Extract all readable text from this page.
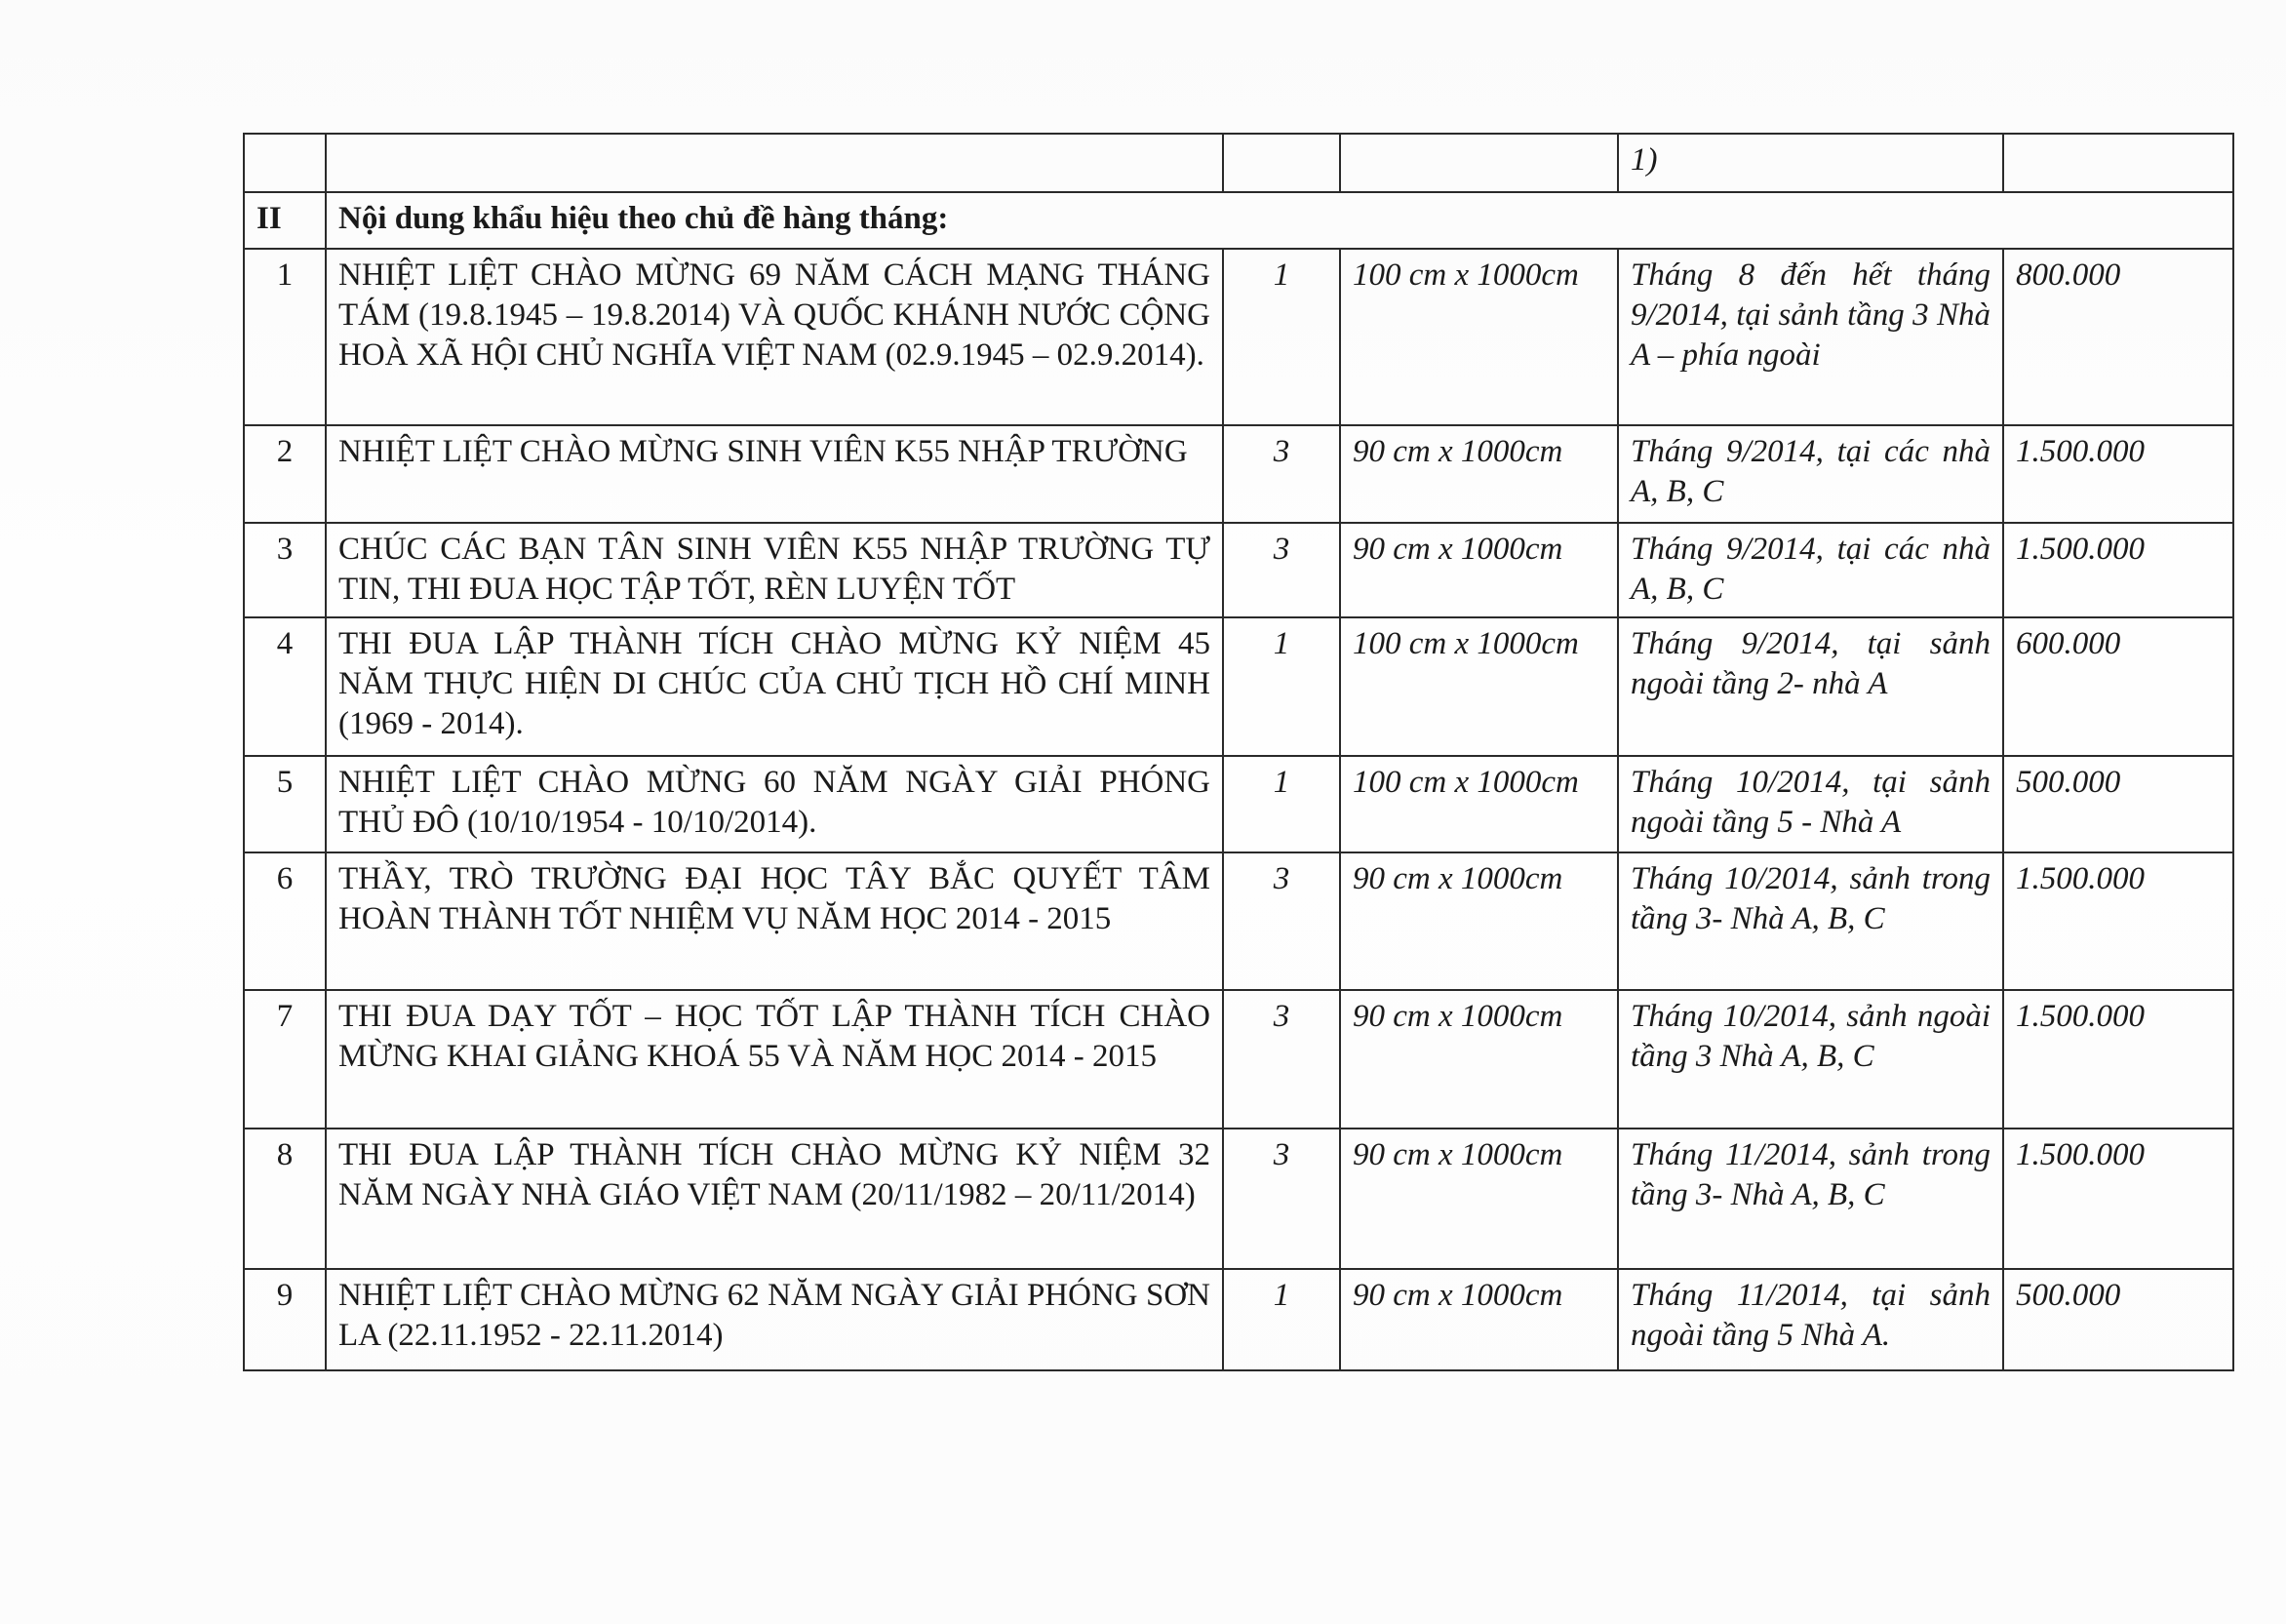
				1)	
II	Nội dung khẩu hiệu theo chủ đề hàng tháng:				
1	NHIỆT LIỆT CHÀO MỪNG 69 NĂM CÁCH MẠNG THÁNG TÁM (19.8.1945 – 19.8.2014) VÀ QUỐC KHÁNH NƯỚC CỘNG HOÀ XÃ HỘI CHỦ NGHĨA VIỆT NAM (02.9.1945 – 02.9.2014).	1	100 cm x 1000cm	Tháng 8 đến hết tháng 9/2014, tại sảnh tầng 3 Nhà A – phía ngoài	800.000
2	NHIỆT LIỆT CHÀO MỪNG SINH VIÊN K55 NHẬP TRƯỜNG	3	90 cm x 1000cm	Tháng 9/2014, tại các nhà A, B, C	1.500.000
3	CHÚC CÁC BẠN TÂN SINH VIÊN K55 NHẬP TRƯỜNG TỰ TIN, THI ĐUA HỌC TẬP TỐT, RÈN LUYỆN TỐT	3	90 cm x 1000cm	Tháng 9/2014, tại các nhà A, B, C	1.500.000
4	THI ĐUA LẬP THÀNH TÍCH CHÀO MỪNG KỶ NIỆM 45 NĂM THỰC HIỆN DI CHÚC CỦA CHỦ TỊCH HỒ CHÍ MINH (1969 - 2014).	1	100 cm x 1000cm	Tháng 9/2014, tại sảnh ngoài tầng 2- nhà A	600.000
5	NHIỆT LIỆT CHÀO MỪNG 60 NĂM NGÀY GIẢI PHÓNG THỦ ĐÔ (10/10/1954 - 10/10/2014).	1	100 cm x 1000cm	Tháng 10/2014, tại sảnh ngoài tầng 5 - Nhà A	500.000
6	THẦY, TRÒ TRƯỜNG ĐẠI HỌC TÂY BẮC QUYẾT TÂM HOÀN THÀNH TỐT NHIỆM VỤ NĂM HỌC 2014 - 2015	3	90 cm x 1000cm	Tháng 10/2014, sảnh trong tầng 3- Nhà A, B, C	1.500.000
7	THI ĐUA DẠY TỐT – HỌC TỐT LẬP THÀNH TÍCH CHÀO MỪNG KHAI GIẢNG KHOÁ 55 VÀ NĂM HỌC 2014 - 2015	3	90 cm x 1000cm	Tháng 10/2014, sảnh ngoài tầng 3 Nhà A, B, C	1.500.000
8	THI ĐUA LẬP THÀNH TÍCH CHÀO MỪNG KỶ NIỆM 32 NĂM NGÀY NHÀ GIÁO VIỆT NAM (20/11/1982 – 20/11/2014)	3	90 cm x 1000cm	Tháng 11/2014, sảnh trong tầng 3- Nhà A, B, C	1.500.000
9	NHIỆT LIỆT CHÀO MỪNG 62 NĂM NGÀY GIẢI PHÓNG SƠN LA (22.11.1952 - 22.11.2014)	1	90 cm x 1000cm	Tháng 11/2014, tại sảnh ngoài tầng 5 Nhà A.	500.000
